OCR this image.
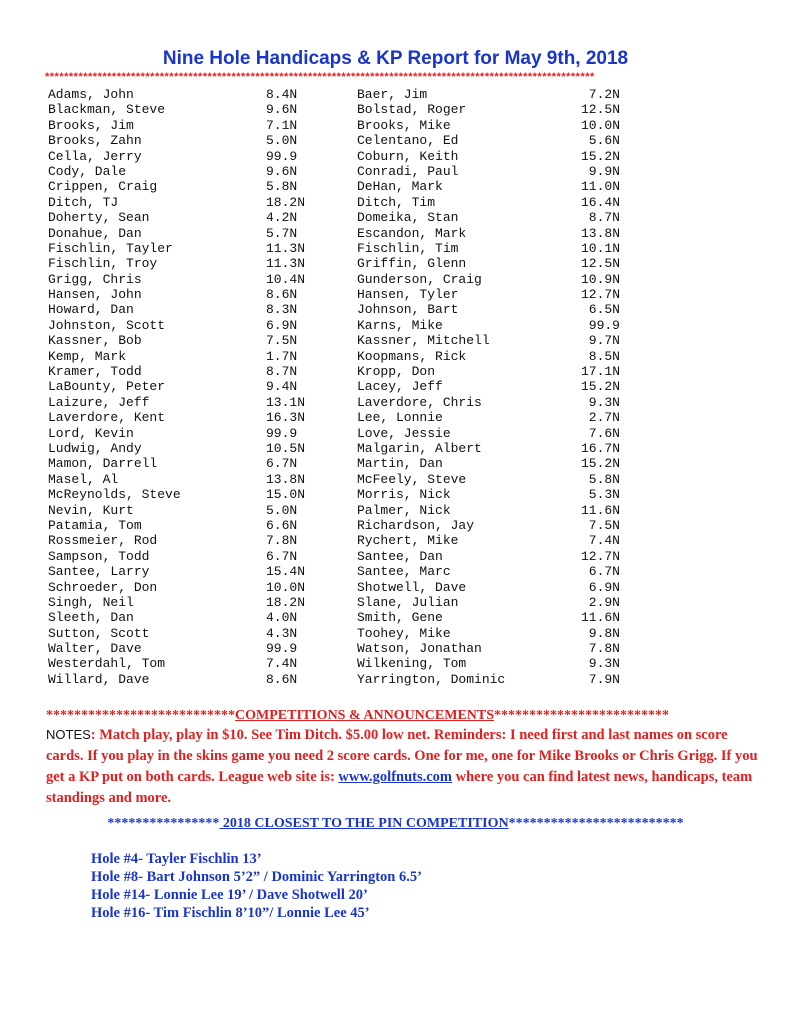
Nine Hole Handicaps & KP Report for May 9th, 2018
*******************************************************************************************************************
Adams, John	8.4N	Baer, Jim	7.2N
Blackman, Steve	9.6N	Bolstad, Roger	12.5N
Brooks, Jim	7.1N	Brooks, Mike	10.0N
Brooks, Zahn	5.0N	Celentano, Ed	5.6N
Cella, Jerry	99.9	Coburn, Keith	15.2N
Cody, Dale	9.6N	Conradi, Paul	9.9N
Crippen, Craig	5.8N	DeHan, Mark	11.0N
Ditch, TJ	18.2N	Ditch, Tim	16.4N
Doherty, Sean	4.2N	Domeika, Stan	8.7N
Donahue, Dan	5.7N	Escandon, Mark	13.8N
Fischlin, Tayler	11.3N	Fischlin, Tim	10.1N
Fischlin, Troy	11.3N	Griffin, Glenn	12.5N
Grigg, Chris	10.4N	Gunderson, Craig	10.9N
Hansen, John	8.6N	Hansen, Tyler	12.7N
Howard, Dan	8.3N	Johnson, Bart	6.5N
Johnston, Scott	6.9N	Karns, Mike	99.9
Kassner, Bob	7.5N	Kassner, Mitchell	9.7N
Kemp, Mark	1.7N	Koopmans, Rick	8.5N
Kramer, Todd	8.7N	Kropp, Don	17.1N
LaBounty, Peter	9.4N	Lacey, Jeff	15.2N
Laizure, Jeff	13.1N	Laverdore, Chris	9.3N
Laverdore, Kent	16.3N	Lee, Lonnie	2.7N
Lord, Kevin	99.9	Love, Jessie	7.6N
Ludwig, Andy	10.5N	Malgarin, Albert	16.7N
Mamon, Darrell	6.7N	Martin, Dan	15.2N
Masel, Al	13.8N	McFeely, Steve	5.8N
McReynolds, Steve	15.0N	Morris, Nick	5.3N
Nevin, Kurt	5.0N	Palmer, Nick	11.6N
Patamia, Tom	6.6N	Richardson, Jay	7.5N
Rossmeier, Rod	7.8N	Rychert, Mike	7.4N
Sampson, Todd	6.7N	Santee, Dan	12.7N
Santee, Larry	15.4N	Santee, Marc	6.7N
Schroeder, Don	10.0N	Shotwell, Dave	6.9N
Singh, Neil	18.2N	Slane, Julian	2.9N
Sleeth, Dan	4.0N	Smith, Gene	11.6N
Sutton, Scott	4.3N	Toohey, Mike	9.8N
Walter, Dave	99.9	Watson, Jonathan	7.8N
Westerdahl, Tom	7.4N	Wilkening, Tom	9.3N
Willard, Dave	8.6N	Yarrington, Dominic	7.9N
***************************COMPETITIONS & ANNOUNCEMENTS*************************
NOTES: Match play, play in $10. See Tim Ditch. $5.00 low net. Reminders: I need first and last names on score cards. If you play in the skins game you need 2 score cards. One for me, one for Mike Brooks or Chris Grigg. If you get a KP put on both cards. League web site is: www.golfnuts.com where you can find latest news, handicaps, team standings and more.
**************** 2018 CLOSEST TO THE PIN COMPETITION*************************
Hole #4- Tayler Fischlin 13’
Hole #8- Bart Johnson 5’2” / Dominic Yarrington 6.5’
Hole #14- Lonnie Lee 19’ / Dave Shotwell 20’
Hole #16- Tim Fischlin 8’10”/ Lonnie Lee 45’
